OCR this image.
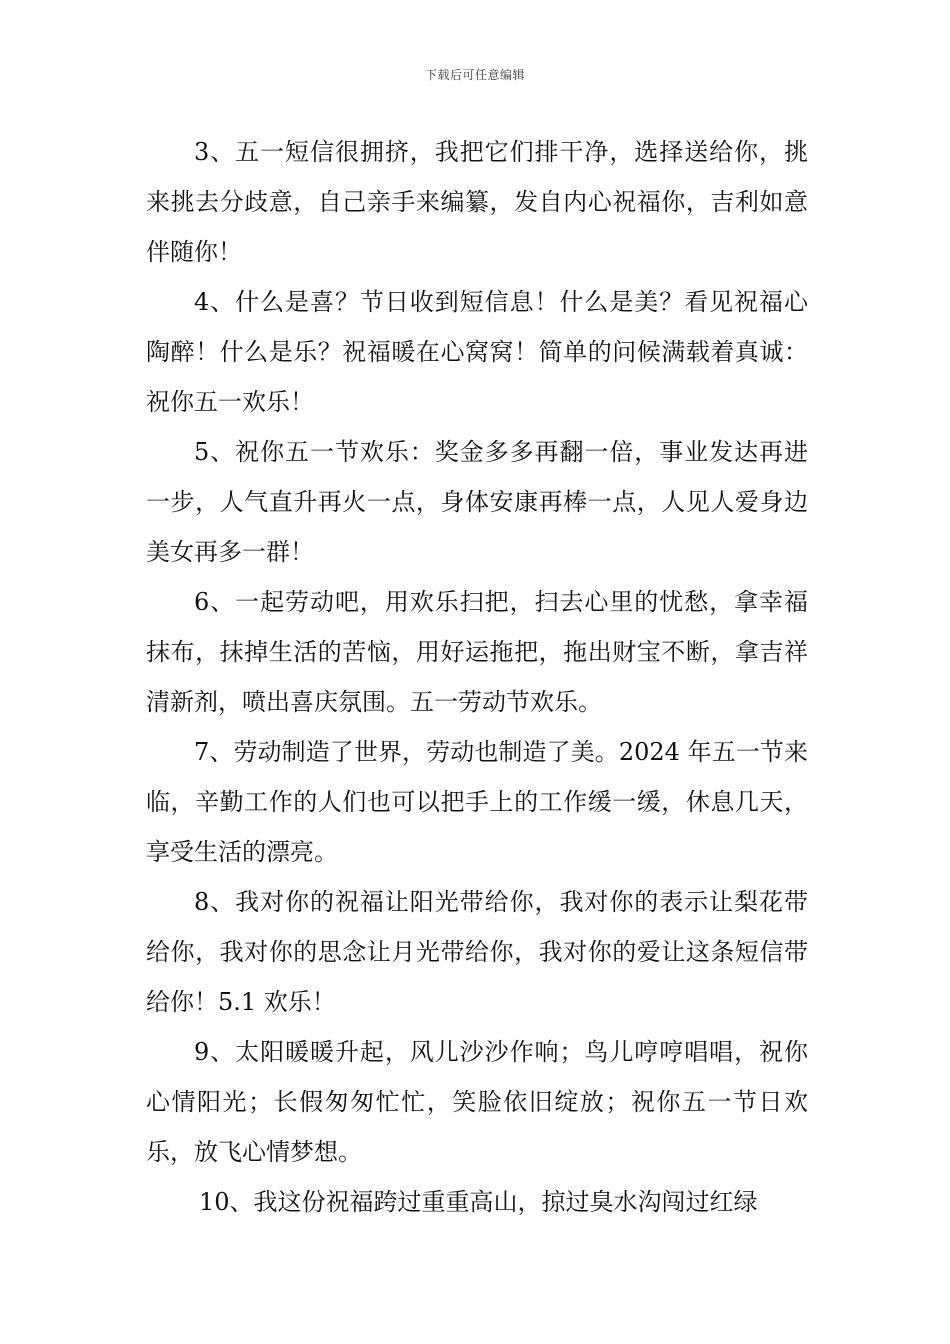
下载后可任意编辑

3、五一短信很拥挤，我把它们排干净，选择送给你，挑来挑去分歧意，自己亲手来编纂，发自内心祝福你，吉利如意伴随你！

4、什么是喜？节日收到短信息！什么是美？看见祝福心陶醉！什么是乐？祝福暖在心窝窝！简单的问候满载着真诚：祝你五一欢乐！

5、祝你五一节欢乐：奖金多多再翻一倍，事业发达再进一步，人气直升再火一点，身体安康再棒一点，人见人爱身边美女再多一群！

6、一起劳动吧，用欢乐扫把，扫去心里的忧愁，拿幸福抹布，抹掉生活的苦恼，用好运拖把，拖出财宝不断，拿吉祥清新剂，喷出喜庆氛围。五一劳动节欢乐。

7、劳动制造了世界，劳动也制造了美。2024 年五一节来临，辛勤工作的人们也可以把手上的工作缓一缓，休息几天，享受生活的漂亮。

8、我对你的祝福让阳光带给你，我对你的表示让梨花带给你，我对你的思念让月光带给你，我对你的爱让这条短信带给你！5.1 欢乐！

9、太阳暖暖升起，风儿沙沙作响；鸟儿哼哼唱唱，祝你心情阳光；长假匆匆忙忙，笑脸依旧绽放；祝你五一节日欢乐，放飞心情梦想。

10、我这份祝福跨过重重高山，掠过臭水沟闯过红绿
